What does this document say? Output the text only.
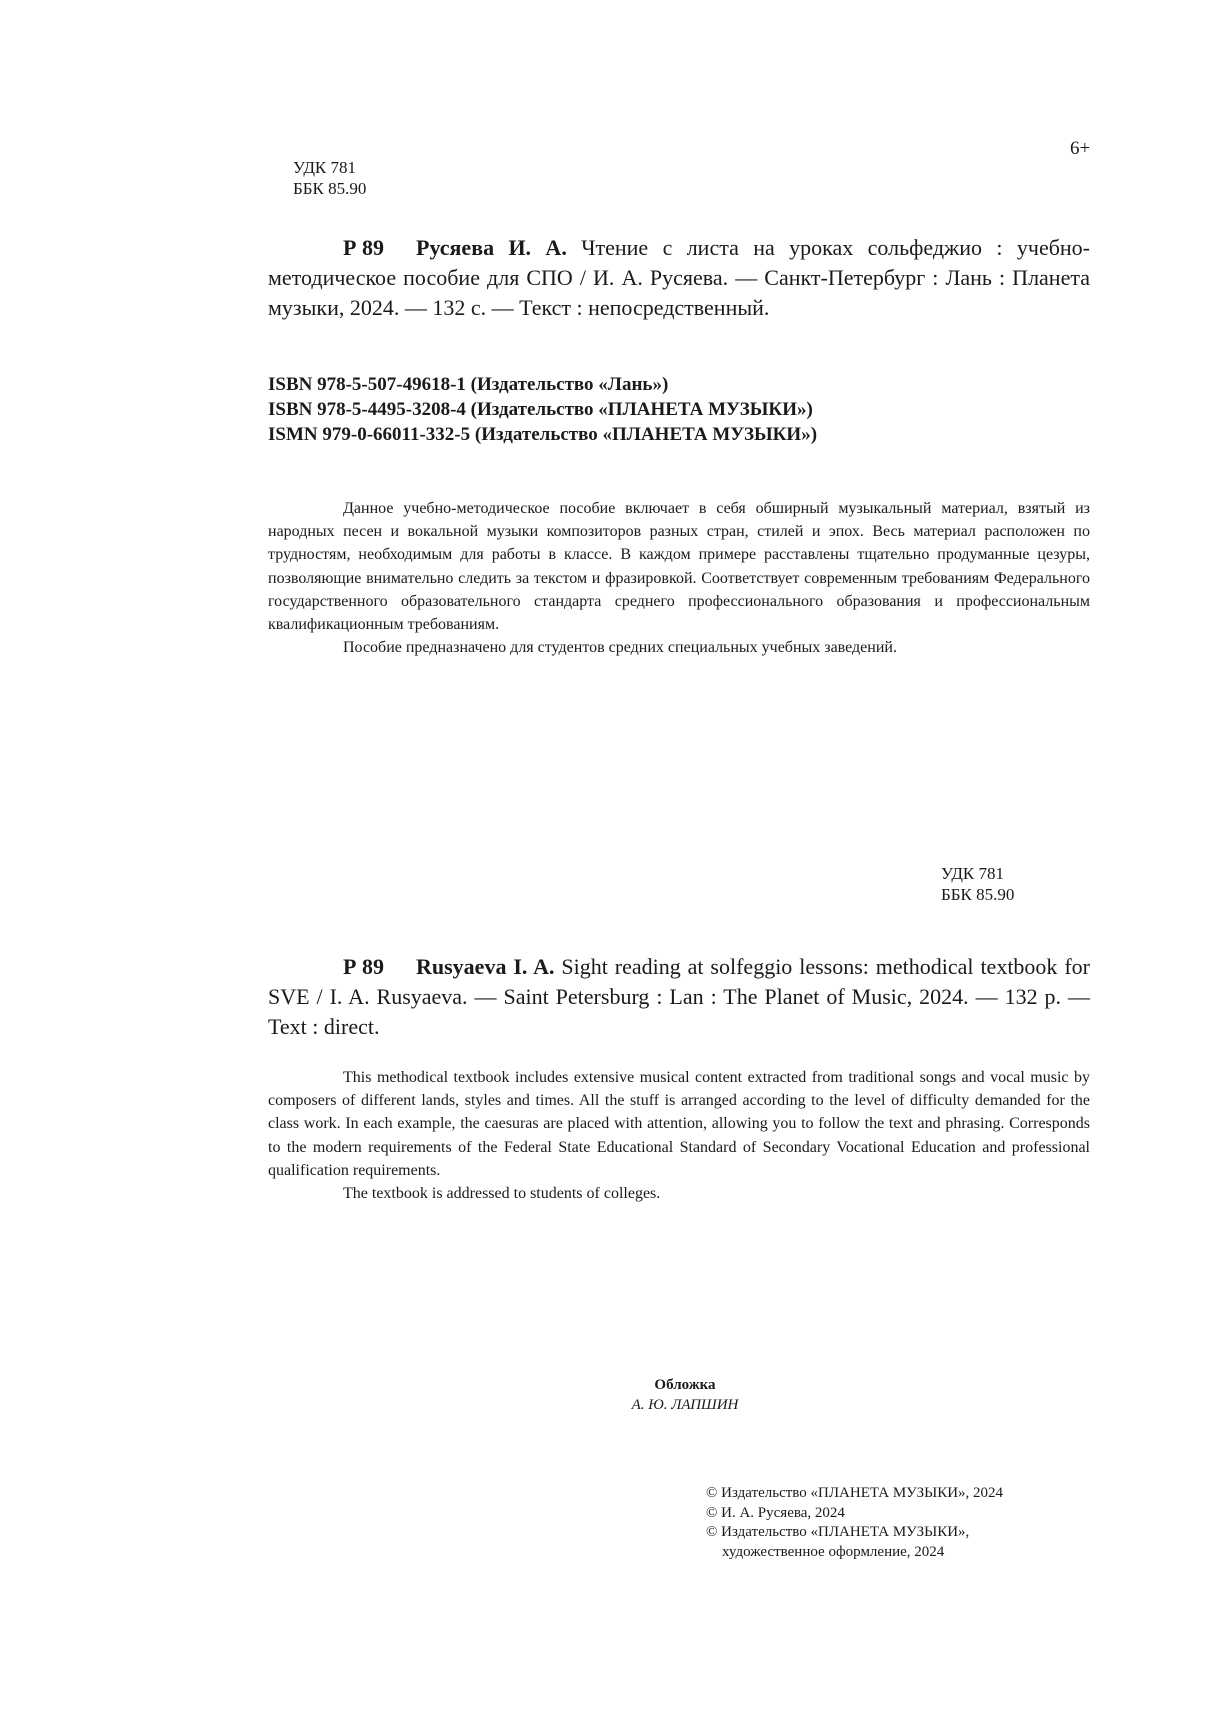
6+
УДК 781
ББК 85.90
Р 89 Русяева И. А. Чтение с листа на уроках сольфеджио : учебно-методическое пособие для СПО / И. А. Русяева. — Санкт-Петербург : Лань : Планета музыки, 2024. — 132 с. — Текст : непосредственный.
ISBN 978-5-507-49618-1 (Издательство «Лань»)
ISBN 978-5-4495-3208-4 (Издательство «ПЛАНЕТА МУЗЫКИ»)
ISMN 979-0-66011-332-5 (Издательство «ПЛАНЕТА МУЗЫКИ»)

Данное учебно-методическое пособие включает в себя обширный музыкальный материал, взятый из народных песен и вокальной музыки композиторов разных стран, стилей и эпох. Весь материал расположен по трудностям, необходимым для работы в классе. В каждом примере расставлены тщательно продуманные цезуры, позволяющие внимательно следить за текстом и фразировкой. Соответствует современным требованиям Федерального государственного образовательного стандарта среднего профессионального образования и профессиональным квалификационным требованиям.

Пособие предназначено для студентов средних специальных учебных заведений.

УДК 781
ББК 85.90
Р 89 Rusyaeva I. A. Sight reading at solfeggio lessons: methodical textbook for SVE / I. A. Rusyaeva. — Saint Petersburg : Lan : The Planet of Music, 2024. — 132 p. — Text : direct.

This methodical textbook includes extensive musical content extracted from traditional songs and vocal music by composers of different lands, styles and times. All the stuff is arranged according to the level of difficulty demanded for the class work. In each example, the caesuras are placed with attention, allowing you to follow the text and phrasing. Corresponds to the modern requirements of the Federal State Educational Standard of Secondary Vocational Education and professional qualification requirements.

The textbook is addressed to students of colleges.

Обложка
А. Ю. ЛАПШИН
© Издательство «ПЛАНЕТА МУЗЫКИ», 2024
© И. А. Русяева, 2024
© Издательство «ПЛАНЕТА МУЗЫКИ»,
художественное оформление, 2024
